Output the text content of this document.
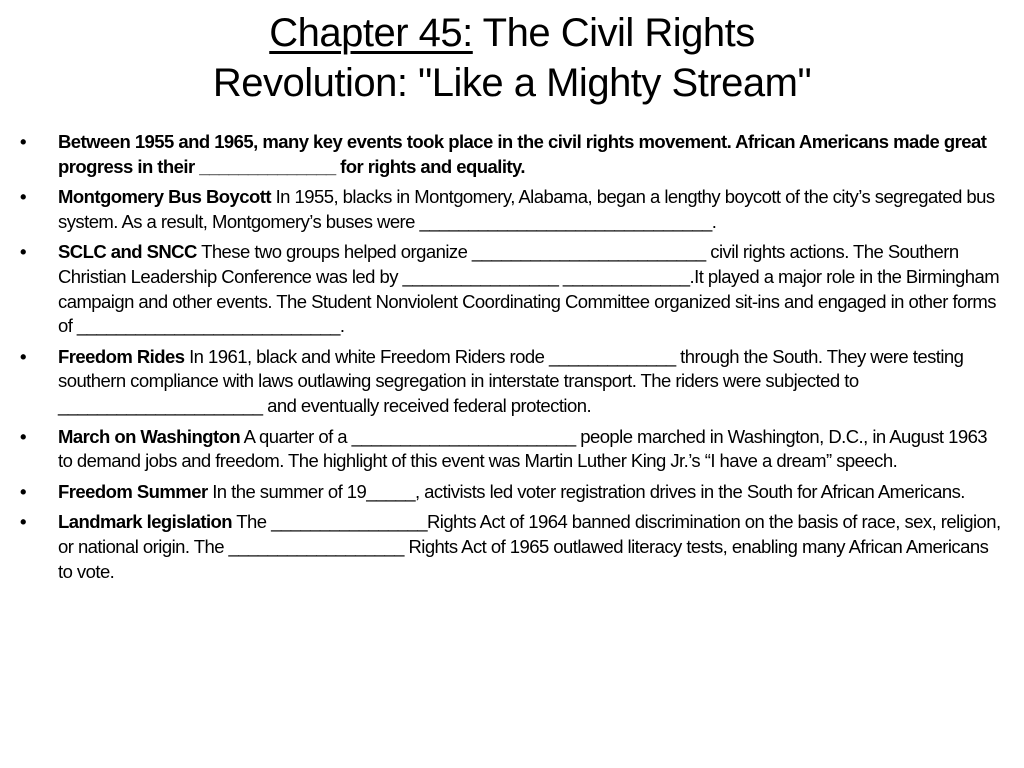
Chapter 45: The Civil Rights
Revolution: "Like a Mighty Stream"
•	Between 1955 and 1965, many key events took place in the civil rights movement. African Americans made great progress in their ______________ for rights and equality.
•	Montgomery Bus Boycott In 1955, blacks in Montgomery, Alabama, began a lengthy boycott of the city’s segregated bus system. As a result, Montgomery’s buses were ______________________________.
•	SCLC and SNCC These two groups helped organize ________________________ civil rights actions. The Southern Christian Leadership Conference was led by ________________ _____________.It played a major role in the Birmingham campaign and other events. The Student Nonviolent Coordinating Committee organized sit-ins and engaged in other forms of ___________________________.
•	Freedom Rides In 1961, black and white Freedom Riders rode _____________ through the South. They were testing southern compliance with laws outlawing segregation in interstate transport. The riders were subjected to _____________________ and eventually received federal protection.
•	March on Washington A quarter of a _______________________ people marched in Washington, D.C., in August 1963 to demand jobs and freedom. The highlight of this event was Martin Luther King Jr.’s “I have a dream” speech.
•	Freedom Summer In the summer of 19_____, activists led voter registration drives in the South for African Americans.
•	Landmark legislation The ________________Rights Act of 1964 banned discrimination on the basis of race, sex, religion, or national origin. The __________________ Rights Act of 1965 outlawed literacy tests, enabling many African Americans to vote.
